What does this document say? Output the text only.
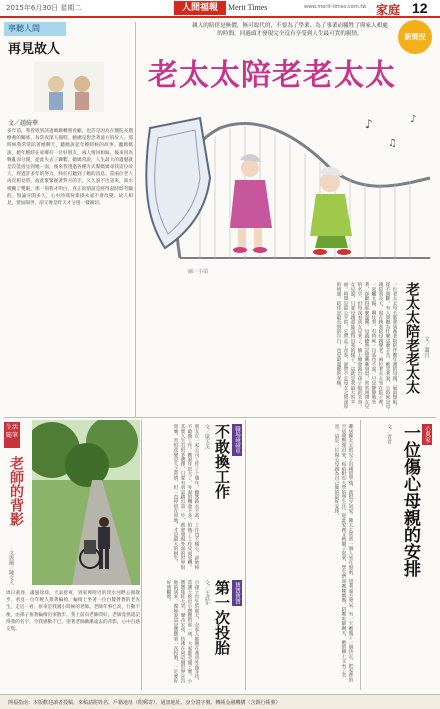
2015年6月30日 星期二	人間福報	Merit Times	www.merit-times.com.tw 家庭 12
寧聽人間
再見故人
文／趙綺華
多年前，我曾經到該過媽媽轉照看顧，也許是因為在醫院長期療養的關係，每當夜深人靜時，她總是想念著遠方的故人。那時候我常常陪著她聊天，聽她說起年輕時候的故事。聽媽媽說，她年輕時在家鄉有一位好朋友，兩人情同姐妹，後來因為戰亂而分開，從此失去了聯繫。媽媽常說，人生最大的遺憾就是沒能再見到她一面。後來我透過各種方式幫媽媽尋找這位故人，經過許多年的努力，終於打聽到了她的消息。當兩位老人再次相見時，彼此緊緊握著對方的手，久久說不出話來，淚水模糊了雙眼。那一刻我才明白，真正的情誼是經得起時間考驗的，無論分開多久，心中的那份牽掛永遠不會改變。故人相見，恍如隔世，卻又像是昨天才分別一樣親切。
親人的陪伴是無價，無可取代的，不要為了學業、為了事業而犧牲了與家人相處的時間，回過頭才發現完全沒有享受到人生最可貴的親情。	新情況
老太太陪老老太太
♪
♫
♪
圖／小瑞
一位老太太每天都會到養老院陪伴她年邁的母親，風雨無阻，從不間斷。有人問她為什麼這麼辛苦，她笑著說，小時候是母親陪我長大，現在換我陪母親變老。兩位老太太坐在院子裡，一起曬太陽、聊往事，有時候一句話也不說，只是靜靜地坐著，卻顯得那麼溫馨。母親雖然記憶漸漸衰退，常常叫錯女兒的名字，但每次看到女兒來了，臉上總會露出孩子般的笑容。女兒說，只要母親還能認得出我的樣子，這就是我最大的幸福。時間是最公平的，它帶走了青春，卻帶不走母女之間深厚的情感。陪伴是最長情的告白，也是最溫暖的孝順。	老太太陪老老太太 文／蕭月
生活隨筆
老師的背影
文與圖／陳文人
周日黃昏，滿風徐徐，天氣舒爽，到家裡附近的淡水河畔公園散步，看見一位年輕人推著輪椅，輪椅上坐著一位白髮蒼蒼的老先生。走近一看，原來是我國小時候的老師。老師年事已高，行動不便，由孫子推著輪椅出來散步。我上前向老師問好，老師竟然還記得我的名字，令我感動不已。望著老師漸漸遠去的背影，心中百感交集。
職場碰碰車
不敢換工作
文／梁玉美
朋友在一家公司工作了十幾年，雖然薪水不高，工作也不順心，卻始終不敢換工作。她說年紀大了，外面的機會不多，怕換了工作反而更糟。其實人生有很多選擇，只要有勇氣踏出第一步，就會發現外面的世界很寬廣。害怕改變是人之常情，但一直停留在原地，才是最大的損失。
寶寶寶寶
第一次投胎
文／王武年
小孫子出生的那天，全家人都圍在產房外面等待。當護士抱出小寶寶的那一刻，大家都笑開了懷。小寶寶哇哇大哭，聲音宏亮，彷彿在向這個世界宣告他的到來。媳婦說這是寶寶第一次投胎，一定要好好照顧他。	鄰居陳太太的兒子出國留學後，就很少回家。陳太太常常一個人坐在窗前，望著遠方發呆。有一天她做了一個決定，把家裡的空房間整理出來，租給附近大學的學生住。從此家裡又熱鬧了起來，學生們叫她陳媽媽，陪她吃飯聊天，她的臉上又有了笑容。這是一位傷心母親為自己做的最好安排。	心與家
一位傷心母親的安排
文／青青
開福指南：本版歡迎讀者投稿，來稿請附姓名、戶籍地址（附郵寄）、通訊地址、身分證字號、轉帳金融機構（含銀行帳號）
